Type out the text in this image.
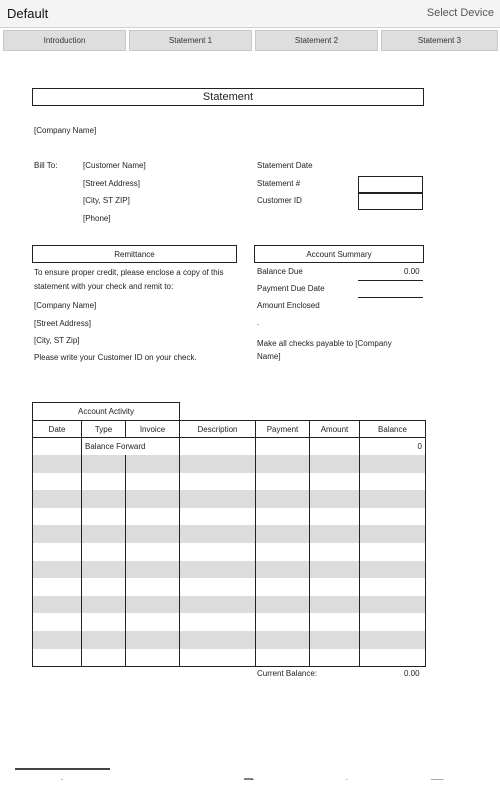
Default	Select Device
Introduction	Statement 1	Statement 2	Statement 3
Statement
[Company Name]
Bill To:	[Customer Name]
[Street Address]
[City, ST ZIP]
[Phone]
Statement Date
Statement #
Customer ID
Remittance
To ensure proper credit, please enclose a copy of this
statement with your check and remit to:
[Company Name]
[Street Address]
[City, ST Zip]
Please write your Customer ID on your check.
Account Summary
Balance Due	0.00
Payment Due Date
Amount Enclosed
.
Make all checks payable to [Company
Name]
Account Activity
Date	Type	Invoice	Description	Payment	Amount	Balance
	Balance Forward					0

Current Balance:	0.00
